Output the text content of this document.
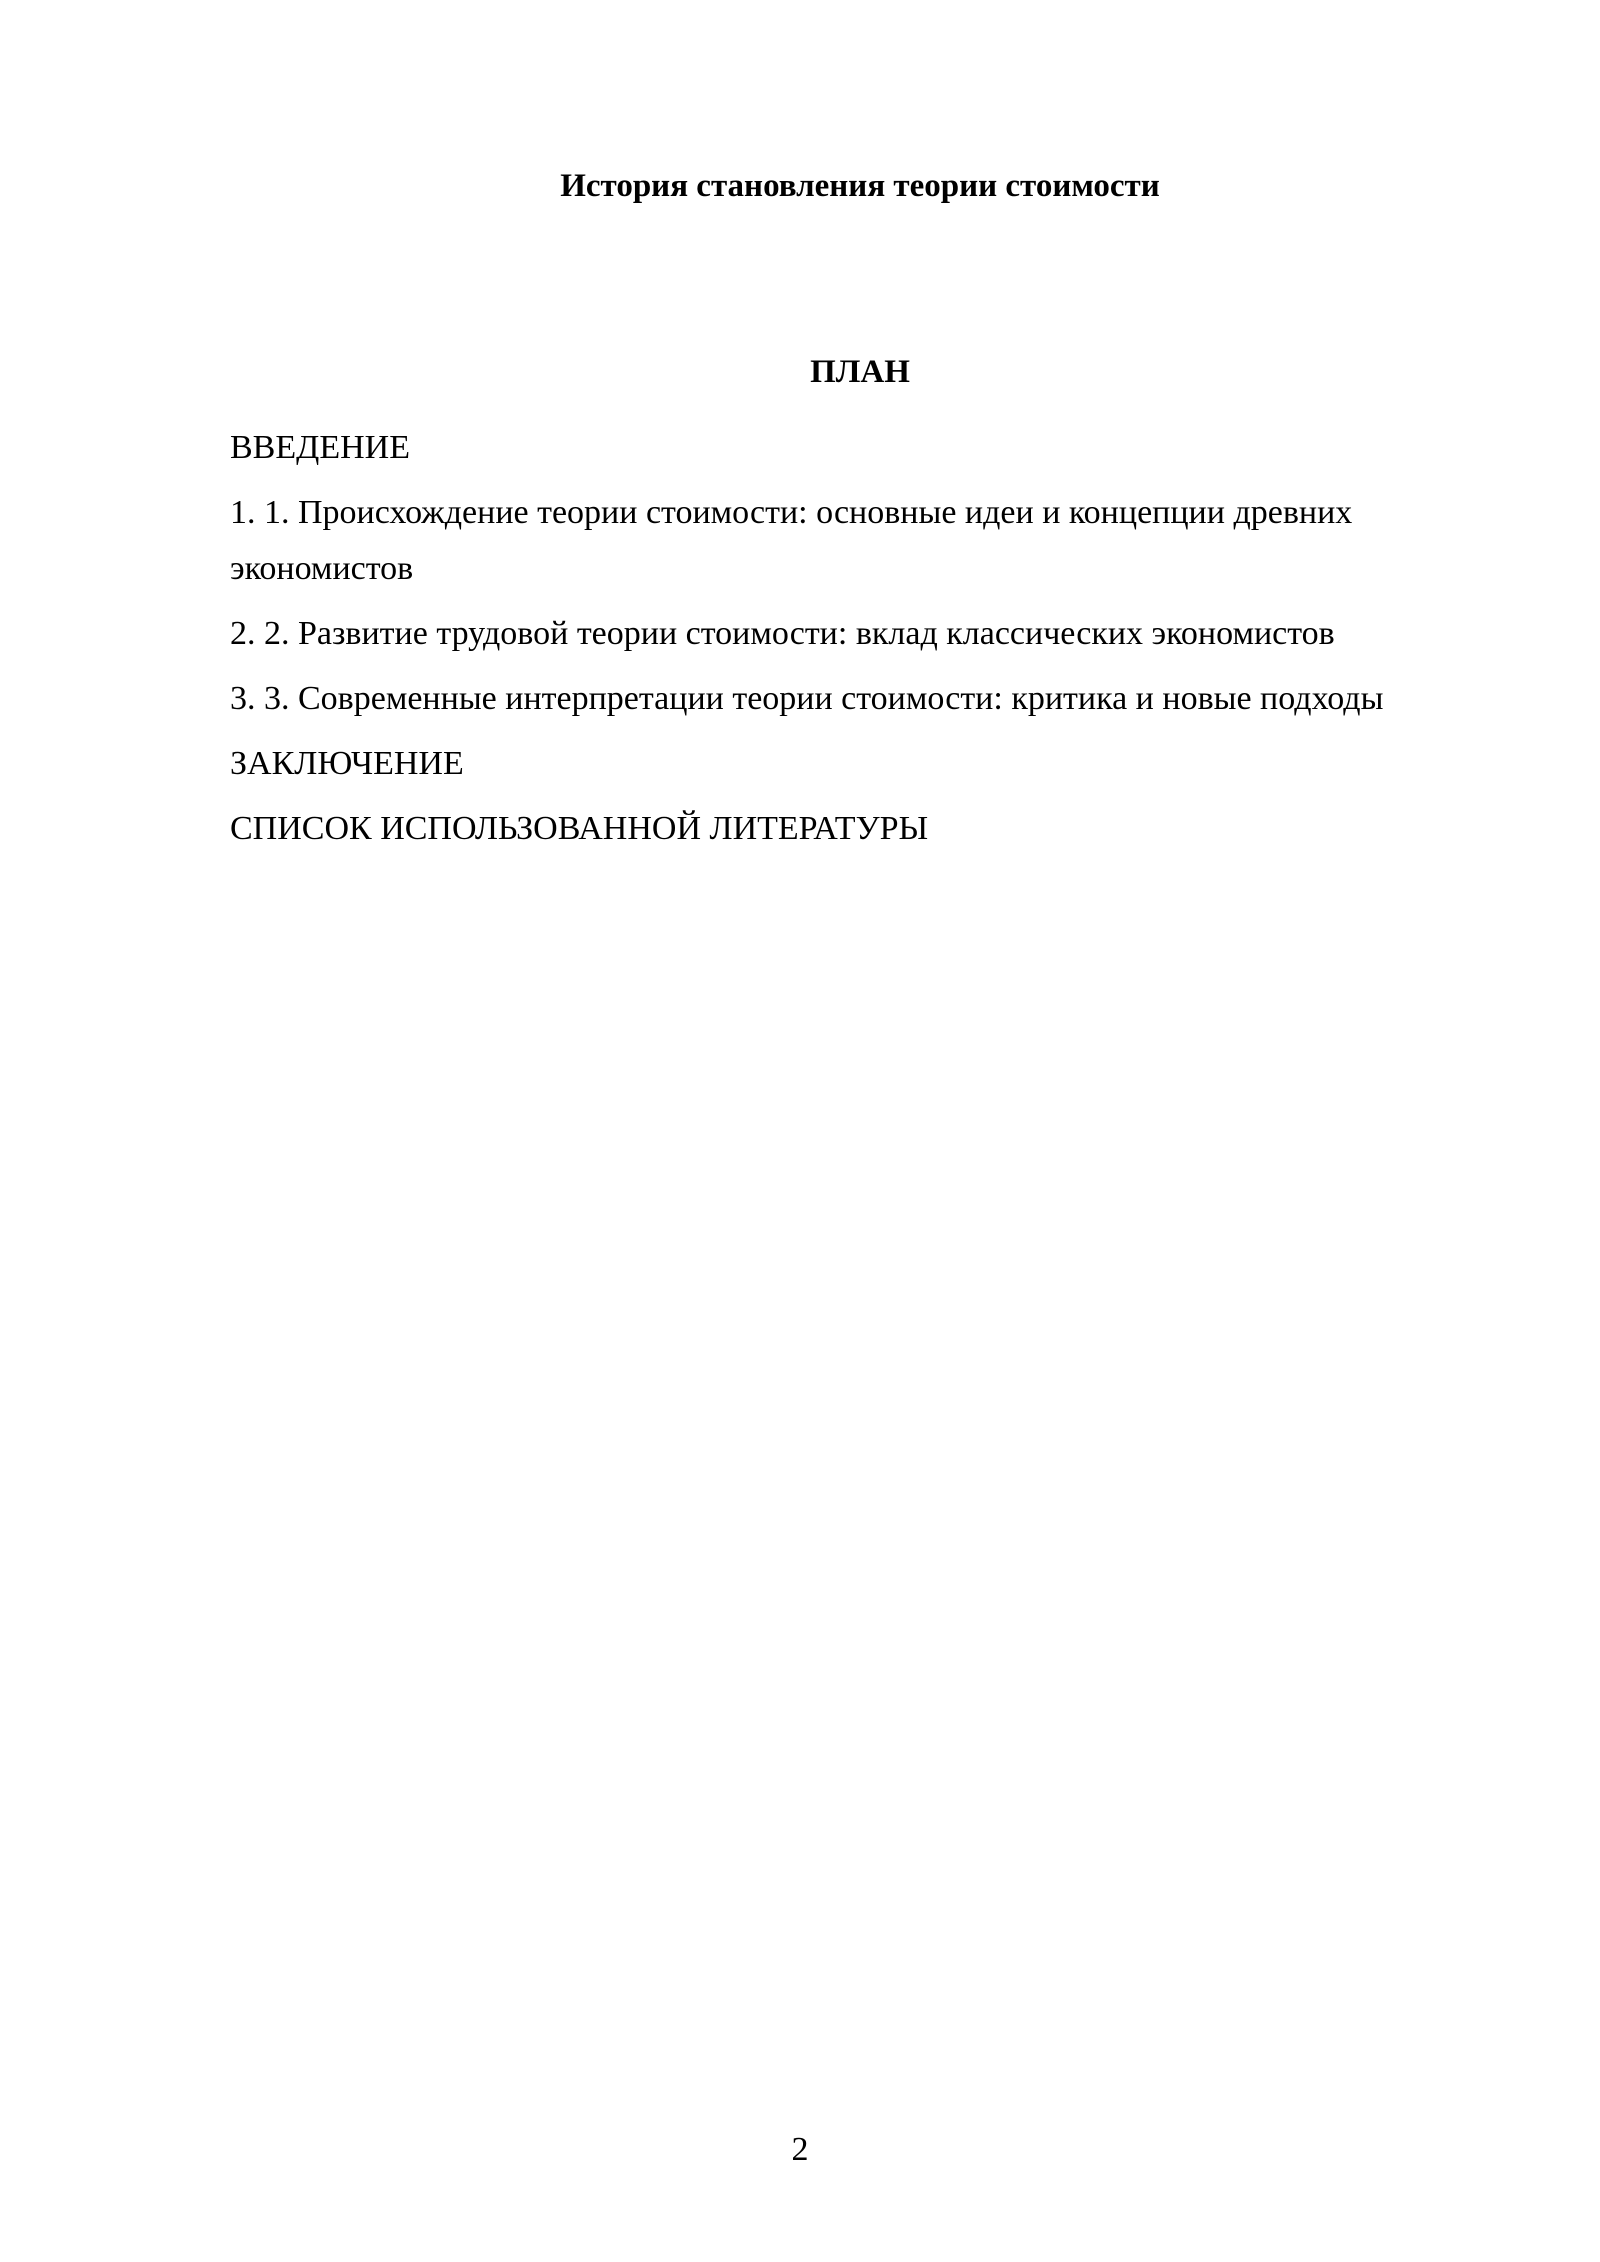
История становления теории стоимости
ПЛАН
ВВЕДЕНИЕ
1. 1. Происхождение теории стоимости: основные идеи и концепции древних экономистов
2. 2. Развитие трудовой теории стоимости: вклад классических экономистов
3. 3. Современные интерпретации теории стоимости: критика и новые подходы
ЗАКЛЮЧЕНИЕ
СПИСОК ИСПОЛЬЗОВАННОЙ ЛИТЕРАТУРЫ
2
